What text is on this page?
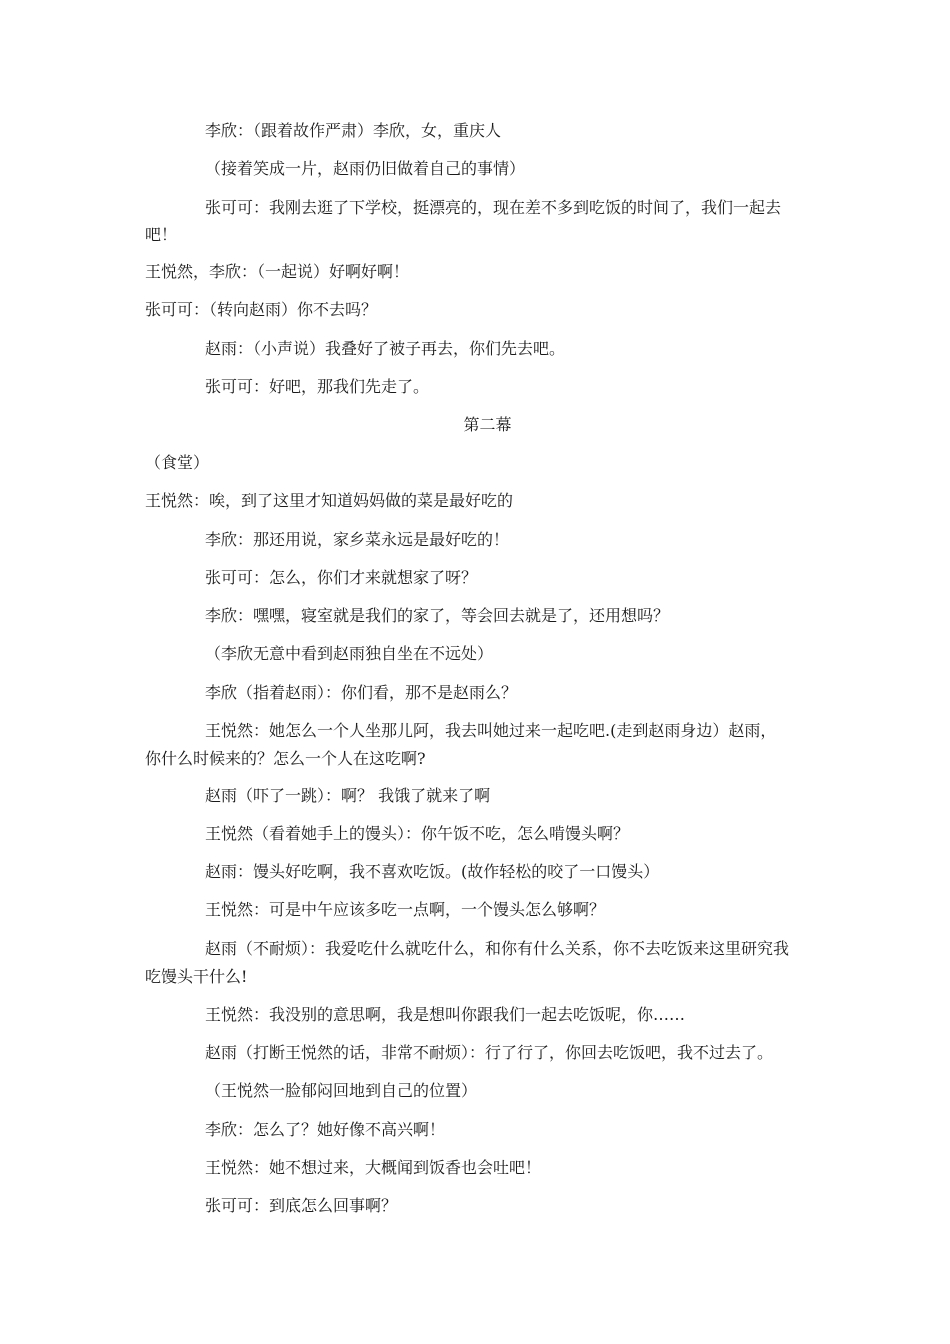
李欣：（跟着故作严肃）李欣，女，重庆人
（接着笑成一片，赵雨仍旧做着自己的事情）
张可可：我刚去逛了下学校，挺漂亮的，现在差不多到吃饭的时间了，我们一起去
吧！
王悦然，李欣：（一起说）好啊好啊！
张可可：（转向赵雨）你不去吗？
赵雨：（小声说）我叠好了被子再去，你们先去吧。
张可可：好吧，那我们先走了。
第二幕
（食堂）
王悦然：唉，到了这里才知道妈妈做的菜是最好吃的
李欣：那还用说，家乡菜永远是最好吃的！
张可可：怎么，你们才来就想家了呀？
李欣：嘿嘿，寝室就是我们的家了，等会回去就是了，还用想吗？
（李欣无意中看到赵雨独自坐在不远处）
李欣（指着赵雨）：你们看，那不是赵雨么？
王悦然：她怎么一个人坐那儿阿，我去叫她过来一起吃吧.(走到赵雨身边）赵雨，
你什么时候来的？怎么一个人在这吃啊?
赵雨（吓了一跳）：啊？ 我饿了就来了啊
王悦然（看着她手上的馒头）：你午饭不吃，怎么啃馒头啊？
赵雨：馒头好吃啊，我不喜欢吃饭。(故作轻松的咬了一口馒头）
王悦然：可是中午应该多吃一点啊，一个馒头怎么够啊？
赵雨（不耐烦）：我爱吃什么就吃什么，和你有什么关系，你不去吃饭来这里研究我
吃馒头干什么!
王悦然：我没别的意思啊，我是想叫你跟我们一起去吃饭呢，你……
赵雨（打断王悦然的话，非常不耐烦）：行了行了，你回去吃饭吧，我不过去了。
（王悦然一脸郁闷回地到自己的位置）
李欣：怎么了？她好像不高兴啊！
王悦然：她不想过来，大概闻到饭香也会吐吧！
张可可：到底怎么回事啊？
